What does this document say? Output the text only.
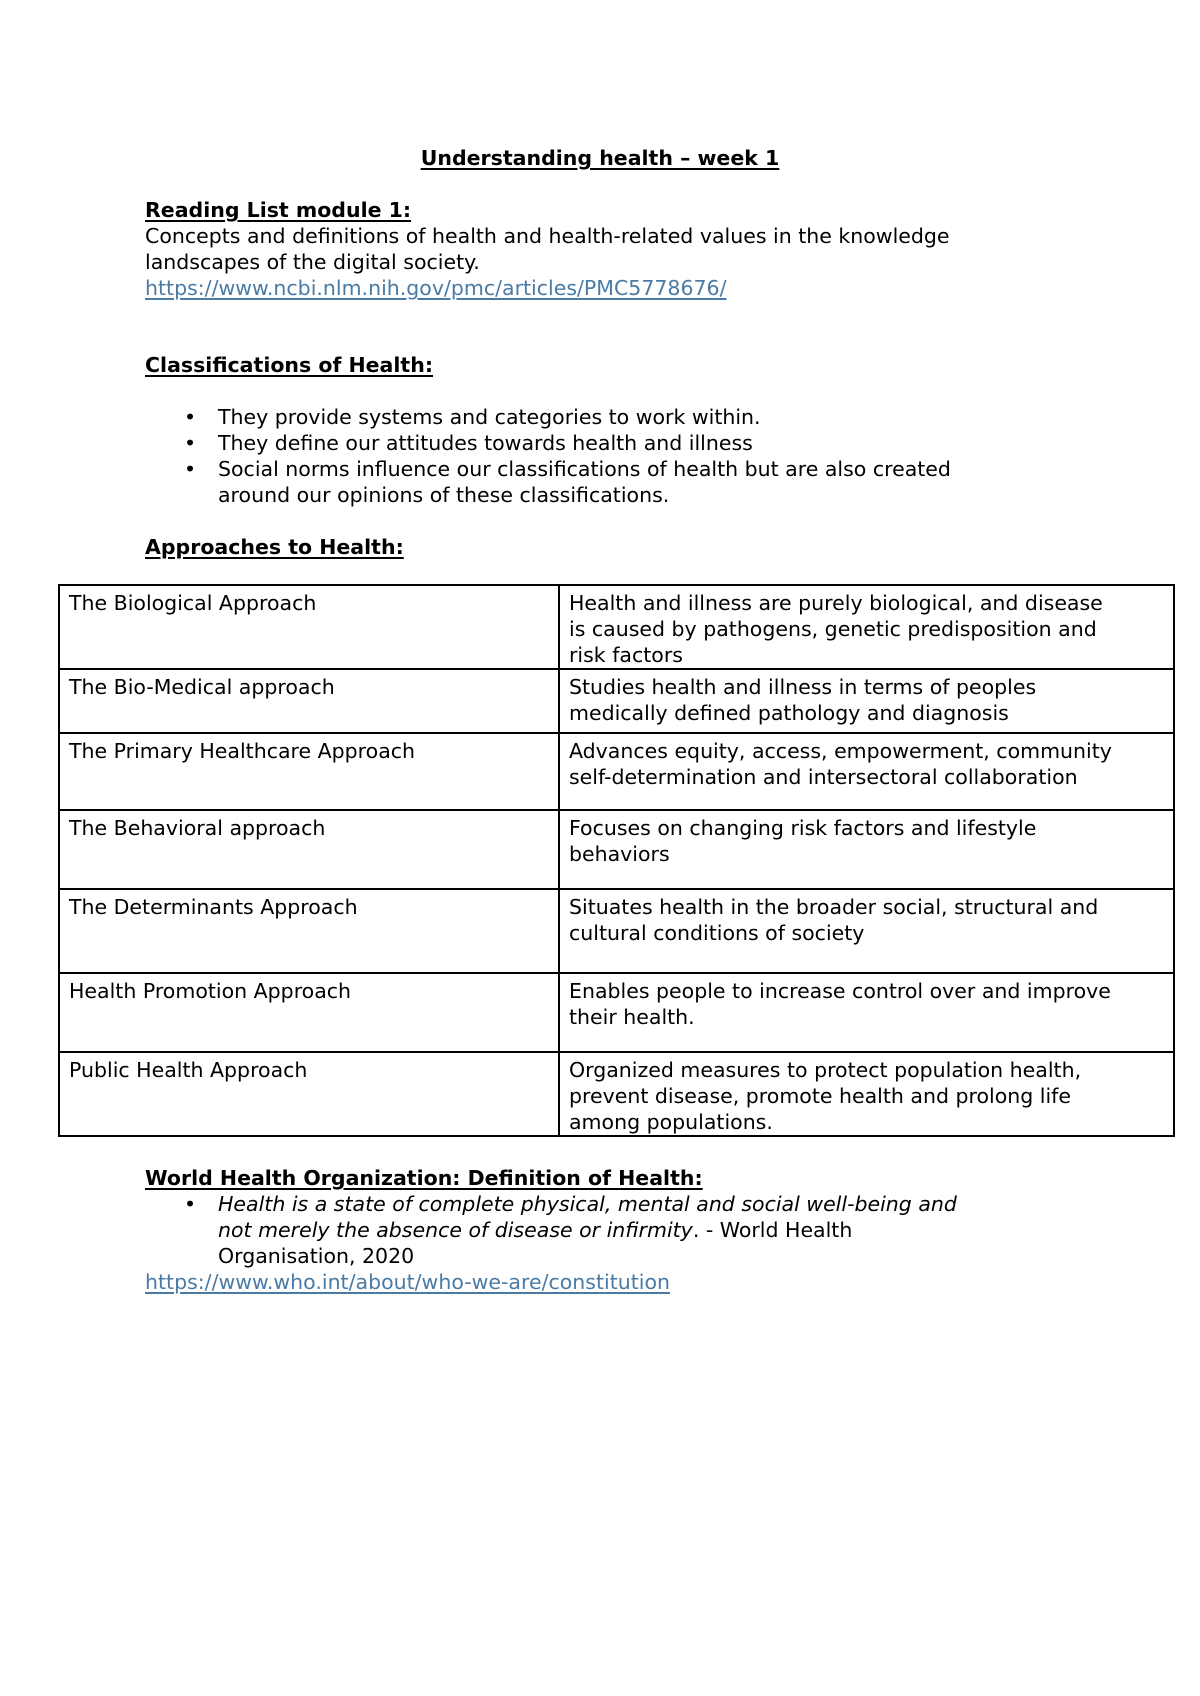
Understanding health – week 1
Reading List module 1:
Concepts and definitions of health and health-related values in the knowledge
landscapes of the digital society.
https://www.ncbi.nlm.nih.gov/pmc/articles/PMC5778676/
Classifications of Health:
• They provide systems and categories to work within.
• They define our attitudes towards health and illness
• Social norms influence our classifications of health but are also created
around our opinions of these classifications.
Approaches to Health:
The Biological Approach	Health and illness are purely biological, and disease
is caused by pathogens, genetic predisposition and
risk factors

The Bio-Medical approach	Studies health and illness in terms of peoples
medically defined pathology and diagnosis

The Primary Healthcare Approach	Advances equity, access, empowerment, community
self-determination and intersectoral collaboration

The Behavioral approach	Focuses on changing risk factors and lifestyle
behaviors

The Determinants Approach	Situates health in the broader social, structural and
cultural conditions of society

Health Promotion Approach	Enables people to increase control over and improve
their health.

Public Health Approach	Organized measures to protect population health,
prevent disease, promote health and prolong life
among populations.
World Health Organization: Definition of Health:
• Health is a state of complete physical, mental and social well-being and
not merely the absence of disease or infirmity. - World Health
Organisation, 2020
https://www.who.int/about/who-we-are/constitution
